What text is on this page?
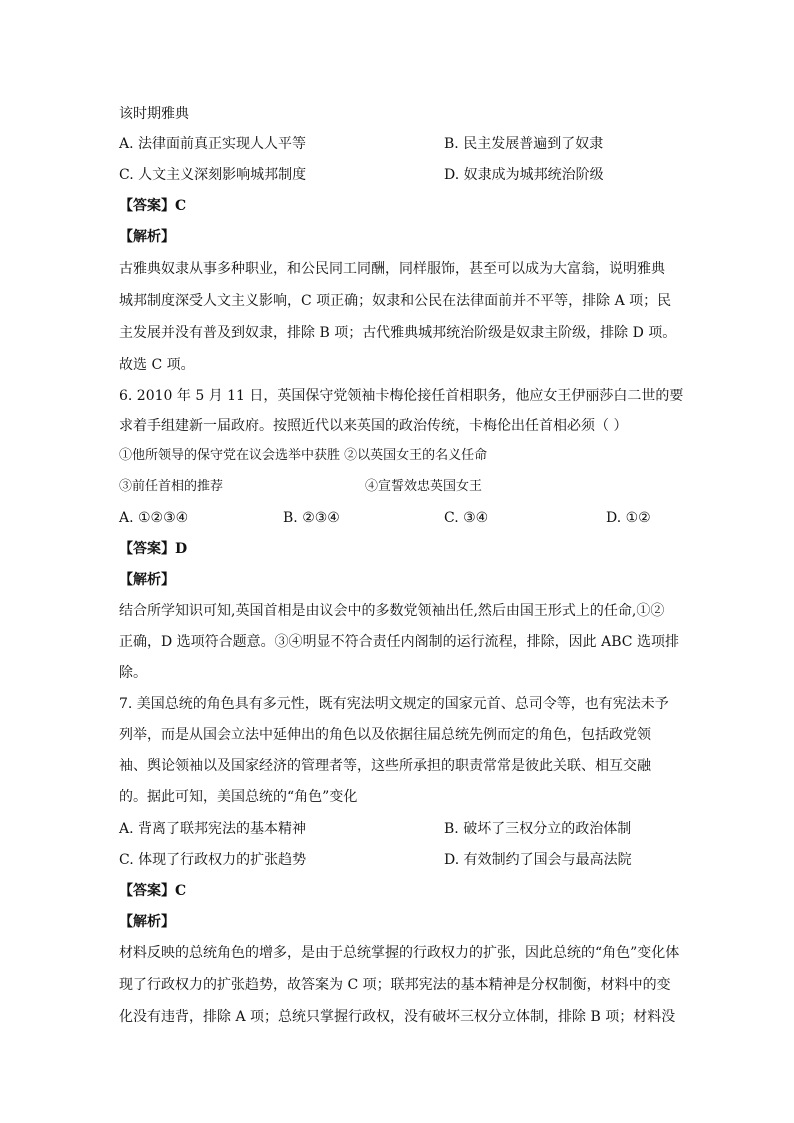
该时期雅典
A. 法律面前真正实现人人平等	B. 民主发展普遍到了奴隶
C. 人文主义深刻影响城邦制度	D. 奴隶成为城邦统治阶级
【答案】C
【解析】
古雅典奴隶从事多种职业，和公民同工同酬，同样服饰，甚至可以成为大富翁，说明雅典
城邦制度深受人文主义影响，C 项正确；奴隶和公民在法律面前并不平等，排除 A 项；民
主发展并没有普及到奴隶，排除 B 项；古代雅典城邦统治阶级是奴隶主阶级，排除 D 项。
故选 C 项。
6. 2010 年 5 月 11 日，英国保守党领袖卡梅伦接任首相职务，他应女王伊丽莎白二世的要
求着手组建新一届政府。按照近代以来英国的政治传统，卡梅伦出任首相必须（ ）
①他所领导的保守党在议会选举中获胜 ②以英国女王的名义任命
③前任首相的推荐	④宣誓效忠英国女王
A. ①②③④	B. ②③④	C. ③④	D. ①②
【答案】D
【解析】
结合所学知识可知,英国首相是由议会中的多数党领袖出任,然后由国王形式上的任命,①②
正确，D 选项符合题意。③④明显不符合责任内阁制的运行流程，排除，因此 ABC 选项排
除。
7. 美国总统的角色具有多元性，既有宪法明文规定的国家元首、总司令等，也有宪法未予
列举，而是从国会立法中延伸出的角色以及依据往届总统先例而定的角色，包括政党领
袖、舆论领袖以及国家经济的管理者等，这些所承担的职责常常是彼此关联、相互交融
的。据此可知，美国总统的“角色”变化
A. 背离了联邦宪法的基本精神	B. 破坏了三权分立的政治体制
C. 体现了行政权力的扩张趋势	D. 有效制约了国会与最高法院
【答案】C
【解析】
材料反映的总统角色的增多，是由于总统掌握的行政权力的扩张，因此总统的“角色”变化体
现了行政权力的扩张趋势，故答案为 C 项；联邦宪法的基本精神是分权制衡，材料中的变
化没有违背，排除 A 项；总统只掌握行政权，没有破坏三权分立体制，排除 B 项；材料没
